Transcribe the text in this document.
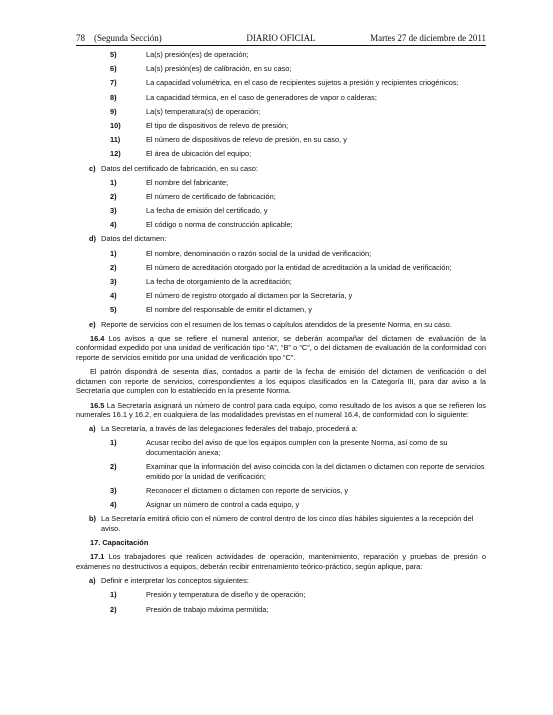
78 (Segunda Sección)	DIARIO OFICIAL	Martes 27 de diciembre de 2011
5)	La(s) presión(es) de operación;
6)	La(s) presión(es) de calibración, en su caso;
7)	La capacidad volumétrica, en el caso de recipientes sujetos a presión y recipientes criogénicos;
8)	La capacidad térmica, en el caso de generadores de vapor o calderas;
9)	La(s) temperatura(s) de operación;
10)	El tipo de dispositivos de relevo de presión;
11)	El número de dispositivos de relevo de presión, en su caso, y
12)	El área de ubicación del equipo;
c) Datos del certificado de fabricación, en su caso:
1)	El nombre del fabricante;
2)	El número de certificado de fabricación;
3)	La fecha de emisión del certificado, y
4)	El código o norma de construcción aplicable;
d) Datos del dictamen:
1)	El nombre, denominación o razón social de la unidad de verificación;
2)	El número de acreditación otorgado por la entidad de acreditación a la unidad de verificación;
3)	La fecha de otorgamiento de la acreditación;
4)	El número de registro otorgado al dictamen por la Secretaría, y
5)	El nombre del responsable de emitir el dictamen, y
e) Reporte de servicios con el resumen de los temas o capítulos atendidos de la presente Norma, en su caso.
16.4 Los avisos a que se refiere el numeral anterior, se deberán acompañar del dictamen de evaluación de la conformidad expedido por una unidad de verificación tipo “A”, “B” o “C”, o del dictamen de evaluación de la conformidad con reporte de servicios emitido por una unidad de verificación tipo “C”.
El patrón dispondrá de sesenta días, contados a partir de la fecha de emisión del dictamen de verificación o del dictamen con reporte de servicios, correspondientes a los equipos clasificados en la Categoría III, para dar aviso a la Secretaría que cumplen con lo establecido en la presente Norma.
16.5 La Secretaría asignará un número de control para cada equipo, como resultado de los avisos a que se refieren los numerales 16.1 y 16.2, en cualquiera de las modalidades previstas en el numeral 16.4, de conformidad con lo siguiente:
a) La Secretaría, a través de las delegaciones federales del trabajo, procederá a:
1)	Acusar recibo del aviso de que los equipos cumplen con la presente Norma, así como de su documentación anexa;
2)	Examinar que la información del aviso coincida con la del dictamen o dictamen con reporte de servicios emitido por la unidad de verificación;
3)	Reconocer el dictamen o dictamen con reporte de servicios, y
4)	Asignar un número de control a cada equipo, y
b) La Secretaría emitirá oficio con el número de control dentro de los cinco días hábiles siguientes a la recepción del aviso.
17. Capacitación
17.1 Los trabajadores que realicen actividades de operación, mantenimiento, reparación y pruebas de presión o exámenes no destructivos a equipos, deberán recibir entrenamiento teórico-práctico, según aplique, para:
a) Definir e interpretar los conceptos siguientes:
1)	Presión y temperatura de diseño y de operación;
2)	Presión de trabajo máxima permitida;
